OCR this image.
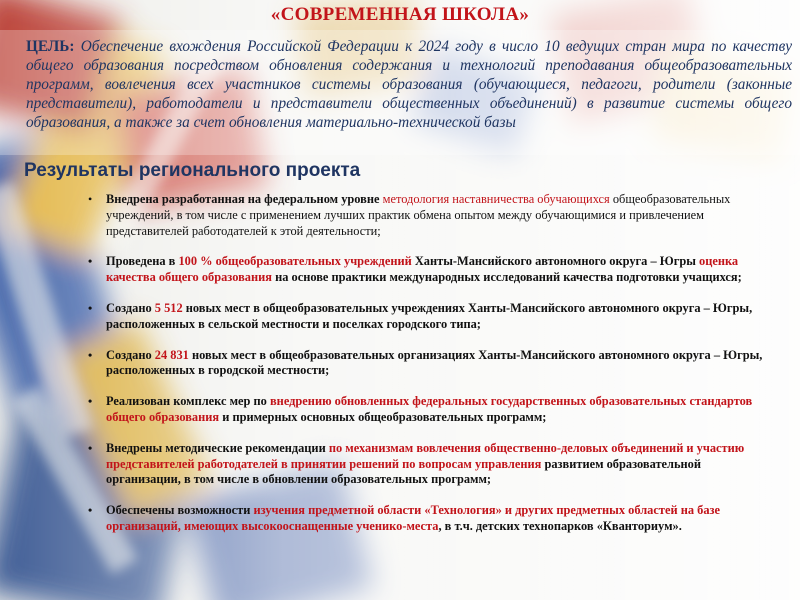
«СОВРЕМЕННАЯ ШКОЛА»
ЦЕЛЬ: Обеспечение вхождения Российской Федерации к 2024 году в число 10 ведущих стран мира по качеству общего образования посредством обновления содержания и технологий преподавания общеобразовательных программ, вовлечения всех участников системы образования (обучающиеся, педагоги, родители (законные представители), работодатели и представители общественных объединений) в развитие системы общего образования, а также за счет обновления материально-технической базы
Результаты регионального проекта
• Внедрена разработанная на федеральном уровне методология наставничества обучающихся общеобразовательных учреждений, в том числе с применением лучших практик обмена опытом между обучающимися и привлечением представителей работодателей к этой деятельности;
• Проведена в 100 % общеобразовательных учреждений Ханты-Мансийского автономного округа – Югры оценка качества общего образования на основе практики международных исследований качества подготовки учащихся;
• Создано 5 512 новых мест в общеобразовательных учреждениях Ханты-Мансийского автономного округа – Югры, расположенных в сельской местности и поселках городского типа;
• Создано 24 831 новых мест в общеобразовательных организациях Ханты-Мансийского автономного округа – Югры, расположенных в городской местности;
• Реализован комплекс мер по внедрению обновленных федеральных государственных образовательных стандартов общего образования и примерных основных общеобразовательных программ;
• Внедрены методические рекомендации по механизмам вовлечения общественно-деловых объединений и участию представителей работодателей в принятии решений по вопросам управления развитием образовательной организации, в том числе в обновлении образовательных программ;
• Обеспечены возможности изучения предметной области «Технология» и других предметных областей на базе организаций, имеющих высокооснащенные ученико-места, в т.ч. детских технопарков «Кванториум».
